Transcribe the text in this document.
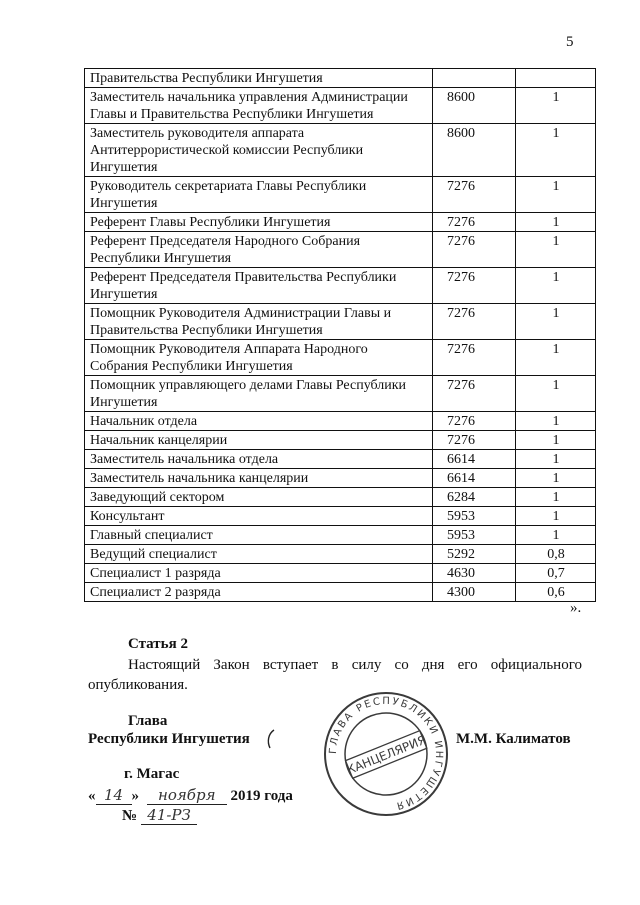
5
Правительства Республики Ингушетия		
Заместитель начальника управления Администрации Главы и Правительства Республики Ингушетия	8600	1
Заместитель руководителя аппарата Антитеррористической комиссии Республики Ингушетия	8600	1
Руководитель секретариата Главы Республики Ингушетия	7276	1
Референт Главы Республики Ингушетия	7276	1
Референт Председателя Народного Собрания Республики Ингушетия	7276	1
Референт Председателя Правительства Республики Ингушетия	7276	1
Помощник Руководителя Администрации Главы и Правительства Республики Ингушетия	7276	1
Помощник Руководителя Аппарата Народного Собрания Республики Ингушетия	7276	1
Помощник управляющего делами Главы Республики Ингушетия	7276	1
Начальник отдела	7276	1
Начальник канцелярии	7276	1
Заместитель начальника отдела	6614	1
Заместитель начальника канцелярии	6614	1
Заведующий сектором	6284	1
Консультант	5953	1
Главный специалист	5953	1
Ведущий специалист	5292	0,8
Специалист 1 разряда	4630	0,7
Специалист 2 разряда	4300	0,6
».
Статья 2
Настоящий Закон вступает в силу со дня его официального опубликования.
Глава
Республики Ингушетия
ГЛАВА РЕСПУБЛИКИ ИНГУШЕТИЯ
КАНЦЕЛЯРИЯ М.М. Калиматов
г. Магас
« 14 » ноября 2019 года
№ 41-РЗ
